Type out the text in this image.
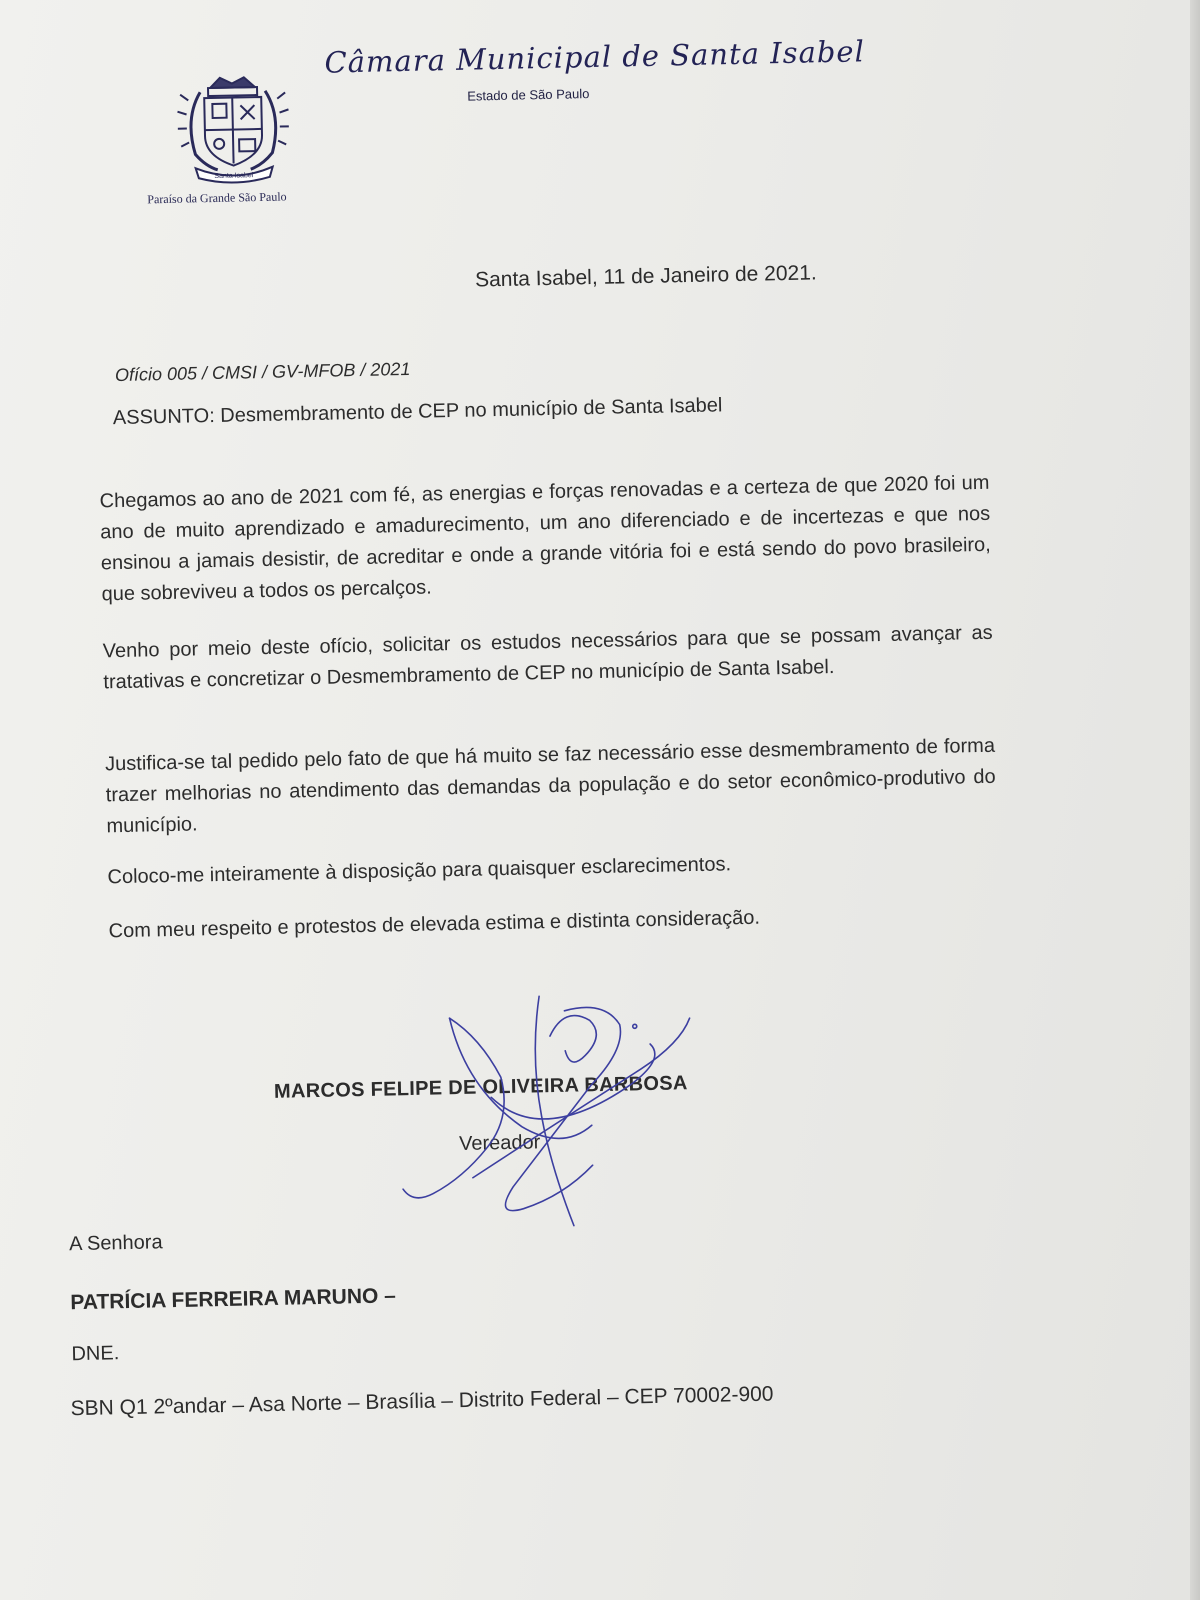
Santa Isabel
Paraíso da Grande São Paulo
Câmara Municipal de Santa Isabel
Estado de São Paulo
Santa Isabel, 11 de Janeiro de 2021.
Ofício 005 / CMSI / GV-MFOB / 2021
ASSUNTO: Desmembramento de CEP no município de Santa Isabel

Chegamos ao ano de 2021 com fé, as energias e forças renovadas e a certeza de que 2020 foi um ano de muito aprendizado e amadurecimento, um ano diferenciado e de incertezas e que nos ensinou a jamais desistir, de acreditar e onde a grande vitória foi e está sendo do povo brasileiro, que sobreviveu a todos os percalços.

Venho por meio deste ofício, solicitar os estudos necessários para que se possam avançar as tratativas e concretizar o Desmembramento de CEP no município de Santa Isabel.

Justifica-se tal pedido pelo fato de que há muito se faz necessário esse desmembramento de forma trazer melhorias no atendimento das demandas da população e do setor econômico-produtivo do município.

Coloco-me inteiramente à disposição para quaisquer esclarecimentos.

Com meu respeito e protestos de elevada estima e distinta consideração.

MARCOS FELIPE DE OLIVEIRA BARBOSA
Vereador
A Senhora
PATRÍCIA FERREIRA MARUNO –
DNE.
SBN Q1 2ºandar – Asa Norte – Brasília – Distrito Federal – CEP 70002-900
